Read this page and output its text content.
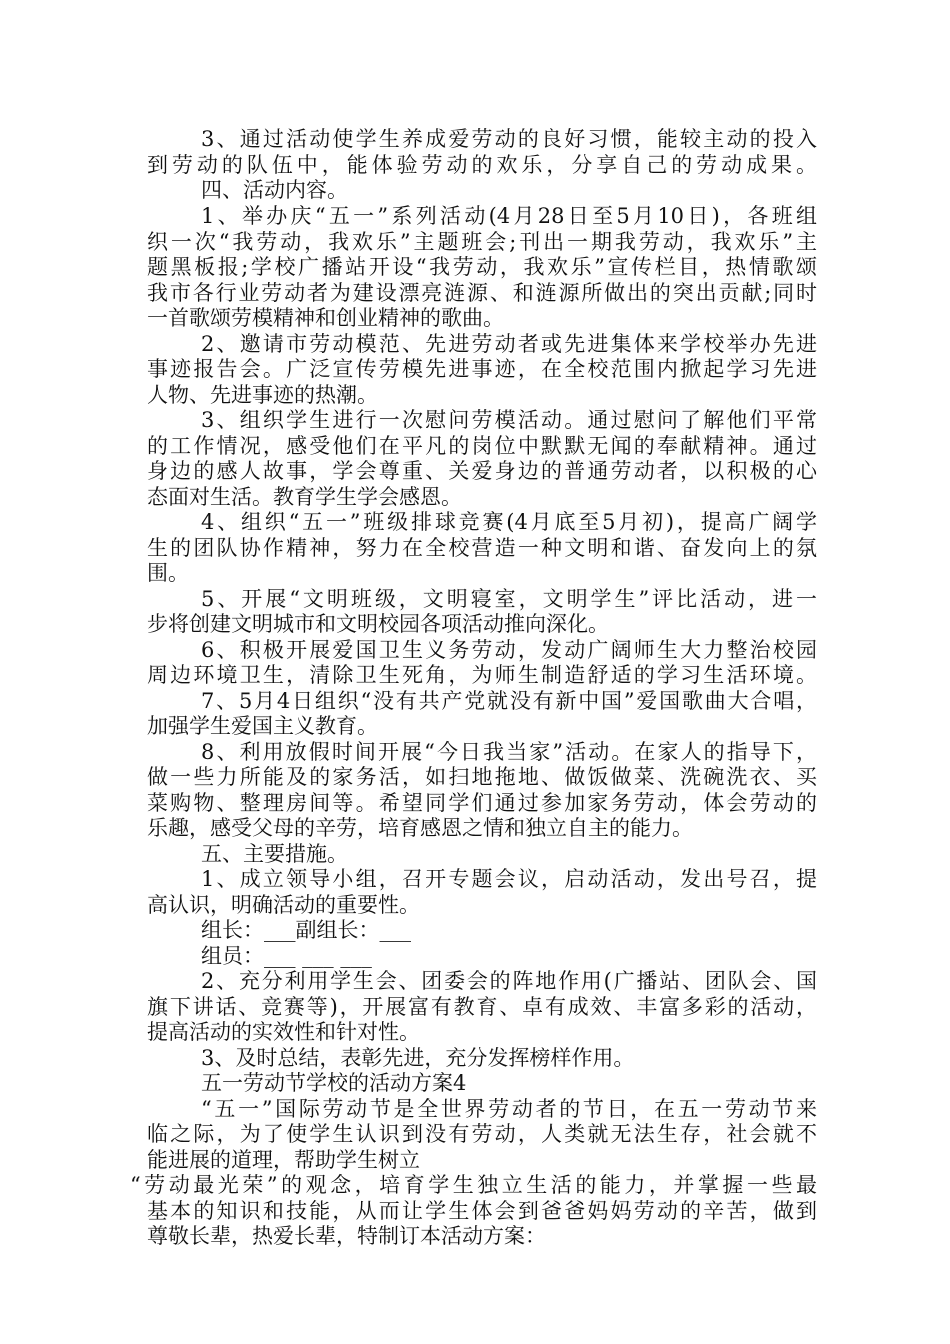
3、通过活动使学生养成爱劳动的良好习惯，能较主动的投入
到劳动的队伍中，能体验劳动的欢乐，分享自己的劳动成果。
四、活动内容。
1、举办庆“五一”系列活动(4月28日至5月10日)，各班组
织一次“我劳动，我欢乐”主题班会;刊出一期我劳动，我欢乐”主
题黑板报;学校广播站开设“我劳动，我欢乐”宣传栏目，热情歌颂
我市各行业劳动者为建设漂亮涟源、和涟源所做出的突出贡献;同时
一首歌颂劳模精神和创业精神的歌曲。
2、邀请市劳动模范、先进劳动者或先进集体来学校举办先进
事迹报告会。广泛宣传劳模先进事迹，在全校范围内掀起学习先进
人物、先进事迹的热潮。
3、组织学生进行一次慰问劳模活动。通过慰问了解他们平常
的工作情况，感受他们在平凡的岗位中默默无闻的奉献精神。通过
身边的感人故事，学会尊重、关爱身边的普通劳动者，以积极的心
态面对生活。教育学生学会感恩。
4、组织“五一”班级排球竞赛(4月底至5月初)，提高广阔学
生的团队协作精神，努力在全校营造一种文明和谐、奋发向上的氛
围。
5、开展“文明班级，文明寝室，文明学生”评比活动，进一
步将创建文明城市和文明校园各项活动推向深化。
6、积极开展爱国卫生义务劳动，发动广阔师生大力整治校园
周边环境卫生，清除卫生死角，为师生制造舒适的学习生活环境。
7、5月4日组织“没有共产党就没有新中国”爱国歌曲大合唱，
加强学生爱国主义教育。
8、利用放假时间开展“今日我当家”活动。在家人的指导下，
做一些力所能及的家务活，如扫地拖地、做饭做菜、洗碗洗衣、买
菜购物、整理房间等。希望同学们通过参加家务劳动，体会劳动的
乐趣，感受父母的辛劳，培育感恩之情和独立自主的能力。
五、主要措施。
1、成立领导小组，召开专题会议，启动活动，发出号召，提
高认识，明确活动的重要性。
组长：___副组长：___
组员：___ ___ ___
2、充分利用学生会、团委会的阵地作用(广播站、团队会、国
旗下讲话、竞赛等)，开展富有教育、卓有成效、丰富多彩的活动，
提高活动的实效性和针对性。
3、及时总结，表彰先进，充分发挥榜样作用。
五一劳动节学校的活动方案4
“五一”国际劳动节是全世界劳动者的节日，在五一劳动节来
临之际，为了使学生认识到没有劳动，人类就无法生存，社会就不
能进展的道理，帮助学生树立
“劳动最光荣”的观念，培育学生独立生活的能力，并掌握一些最
基本的知识和技能，从而让学生体会到爸爸妈妈劳动的辛苦，做到
尊敬长辈，热爱长辈，特制订本活动方案：
